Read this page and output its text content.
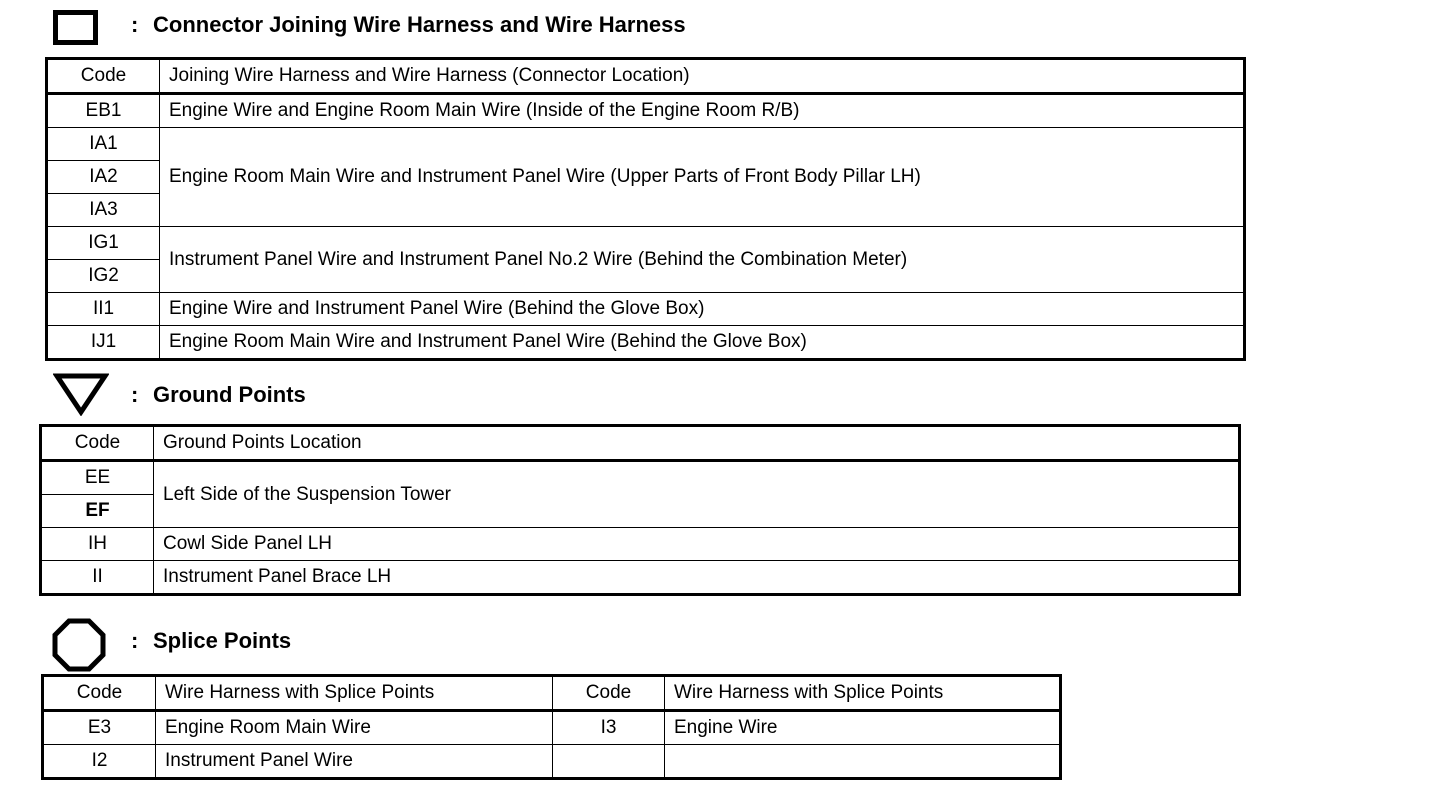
: Connector Joining Wire Harness and Wire Harness
Code	Joining Wire Harness and Wire Harness (Connector Location)
EB1	Engine Wire and Engine Room Main Wire (Inside of the Engine Room R/B)
IA1	Engine Room Main Wire and Instrument Panel Wire (Upper Parts of Front Body Pillar LH)
IA2	
IA3	
IG1	Instrument Panel Wire and Instrument Panel No.2 Wire (Behind the Combination Meter)
IG2	
II1	Engine Wire and Instrument Panel Wire (Behind the Glove Box)
IJ1	Engine Room Main Wire and Instrument Panel Wire (Behind the Glove Box)
: Ground Points
Code	Ground Points Location
EE	Left Side of the Suspension Tower
EF	
IH	Cowl Side Panel LH
II	Instrument Panel Brace LH
: Splice Points
Code	Wire Harness with Splice Points	Code	Wire Harness with Splice Points
E3	Engine Room Main Wire	I3	Engine Wire
I2	Instrument Panel Wire		
